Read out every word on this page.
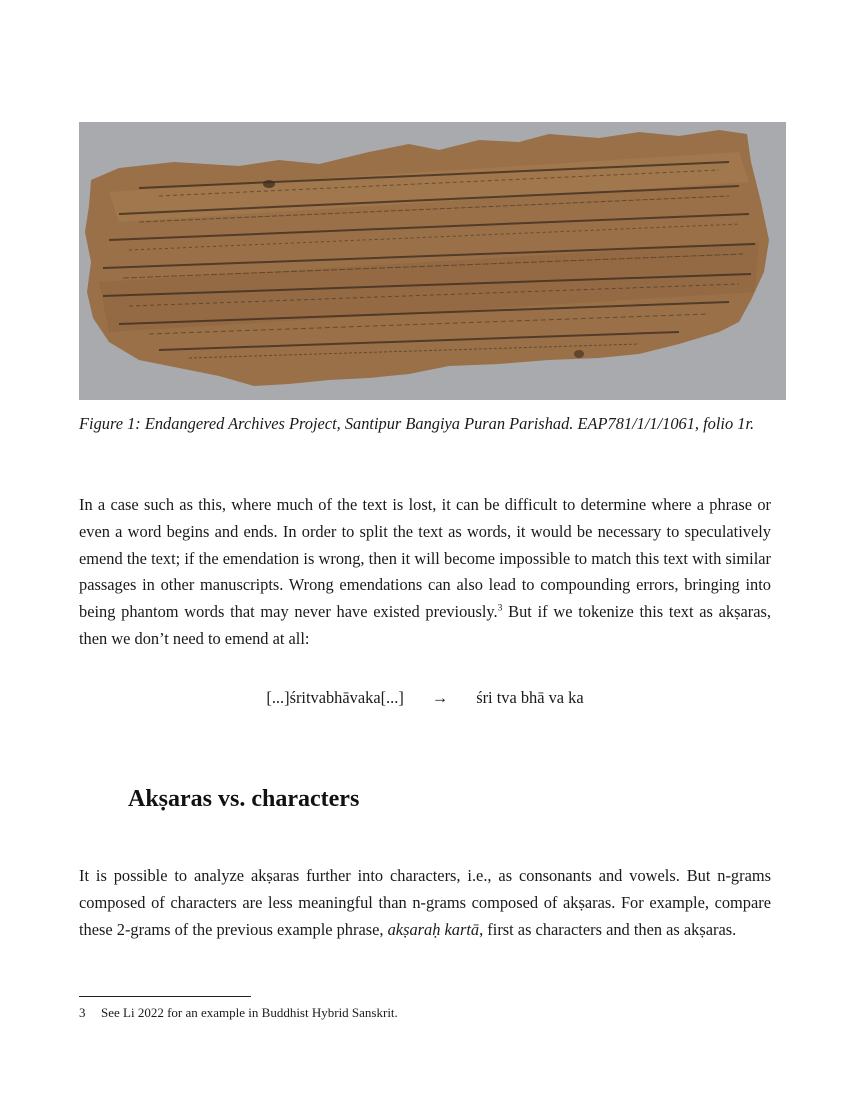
Figure 1: Endangered Archives Project, Santipur Bangiya Puran Parishad. EAP781/1/1/1061, folio 1r.

In a case such as this, where much of the text is lost, it can be difficult to determine where a phrase or even a word begins and ends. In order to split the text as words, it would be necessary to speculatively emend the text; if the emendation is wrong, then it will become impossible to match this text with similar passages in other manuscripts. Wrong emendations can also lead to compounding errors, bringing into being phantom words that may never have existed previously.$^3$ But if we tokenize this text as akṣaras, then we don’t need to emend at all:

[...]śritvabhāvaka[...] → śri tva bhā va ka
Akṣaras vs. characters

It is possible to analyze akṣaras further into characters, i.e., as consonants and vowels. But n-grams composed of characters are less meaningful than n-grams composed of akṣaras. For example, compare these 2-grams of the previous example phrase, akṣaraḥ kartā, first as characters and then as akṣaras.

3 See Li 2022 for an example in Buddhist Hybrid Sanskrit.
